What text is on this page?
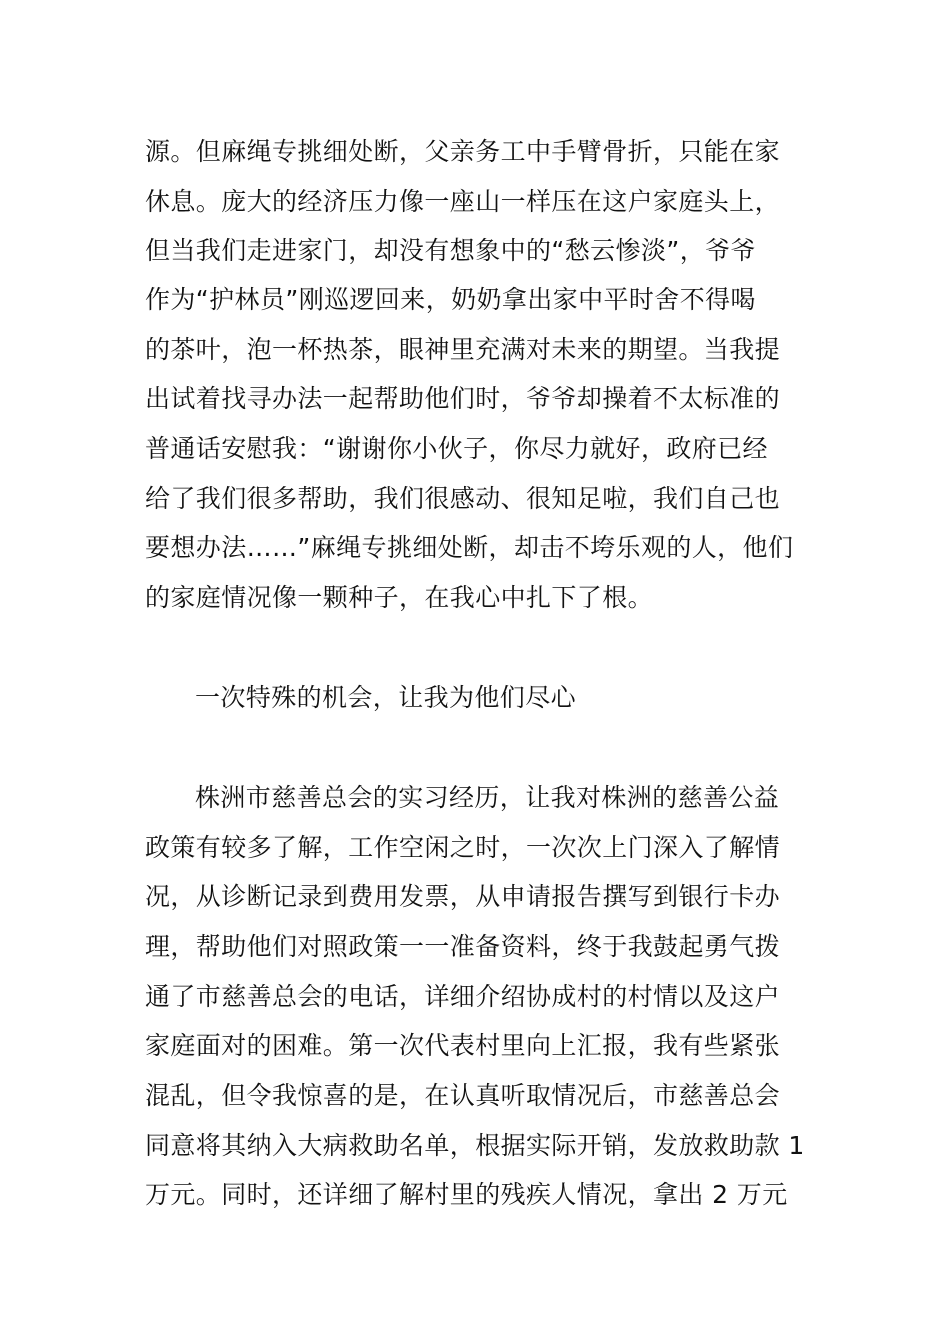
源。但麻绳专挑细处断，父亲务工中手臂骨折，只能在家
休息。庞大的经济压力像一座山一样压在这户家庭头上，
但当我们走进家门，却没有想象中的“愁云惨淡”，爷爷
作为“护林员”刚巡逻回来，奶奶拿出家中平时舍不得喝
的茶叶，泡一杯热茶，眼神里充满对未来的期望。当我提
出试着找寻办法一起帮助他们时，爷爷却操着不太标准的
普通话安慰我：“谢谢你小伙子，你尽力就好，政府已经
给了我们很多帮助，我们很感动、很知足啦，我们自己也
要想办法……”麻绳专挑细处断，却击不垮乐观的人，他们
的家庭情况像一颗种子，在我心中扎下了根。
一次特殊的机会，让我为他们尽心
株洲市慈善总会的实习经历，让我对株洲的慈善公益
政策有较多了解，工作空闲之时，一次次上门深入了解情
况，从诊断记录到费用发票，从申请报告撰写到银行卡办
理，帮助他们对照政策一一准备资料，终于我鼓起勇气拨
通了市慈善总会的电话，详细介绍协成村的村情以及这户
家庭面对的困难。第一次代表村里向上汇报，我有些紧张
混乱，但令我惊喜的是，在认真听取情况后，市慈善总会
同意将其纳入大病救助名单，根据实际开销，发放救助款 1
万元。同时，还详细了解村里的残疾人情况，拿出 2 万元
